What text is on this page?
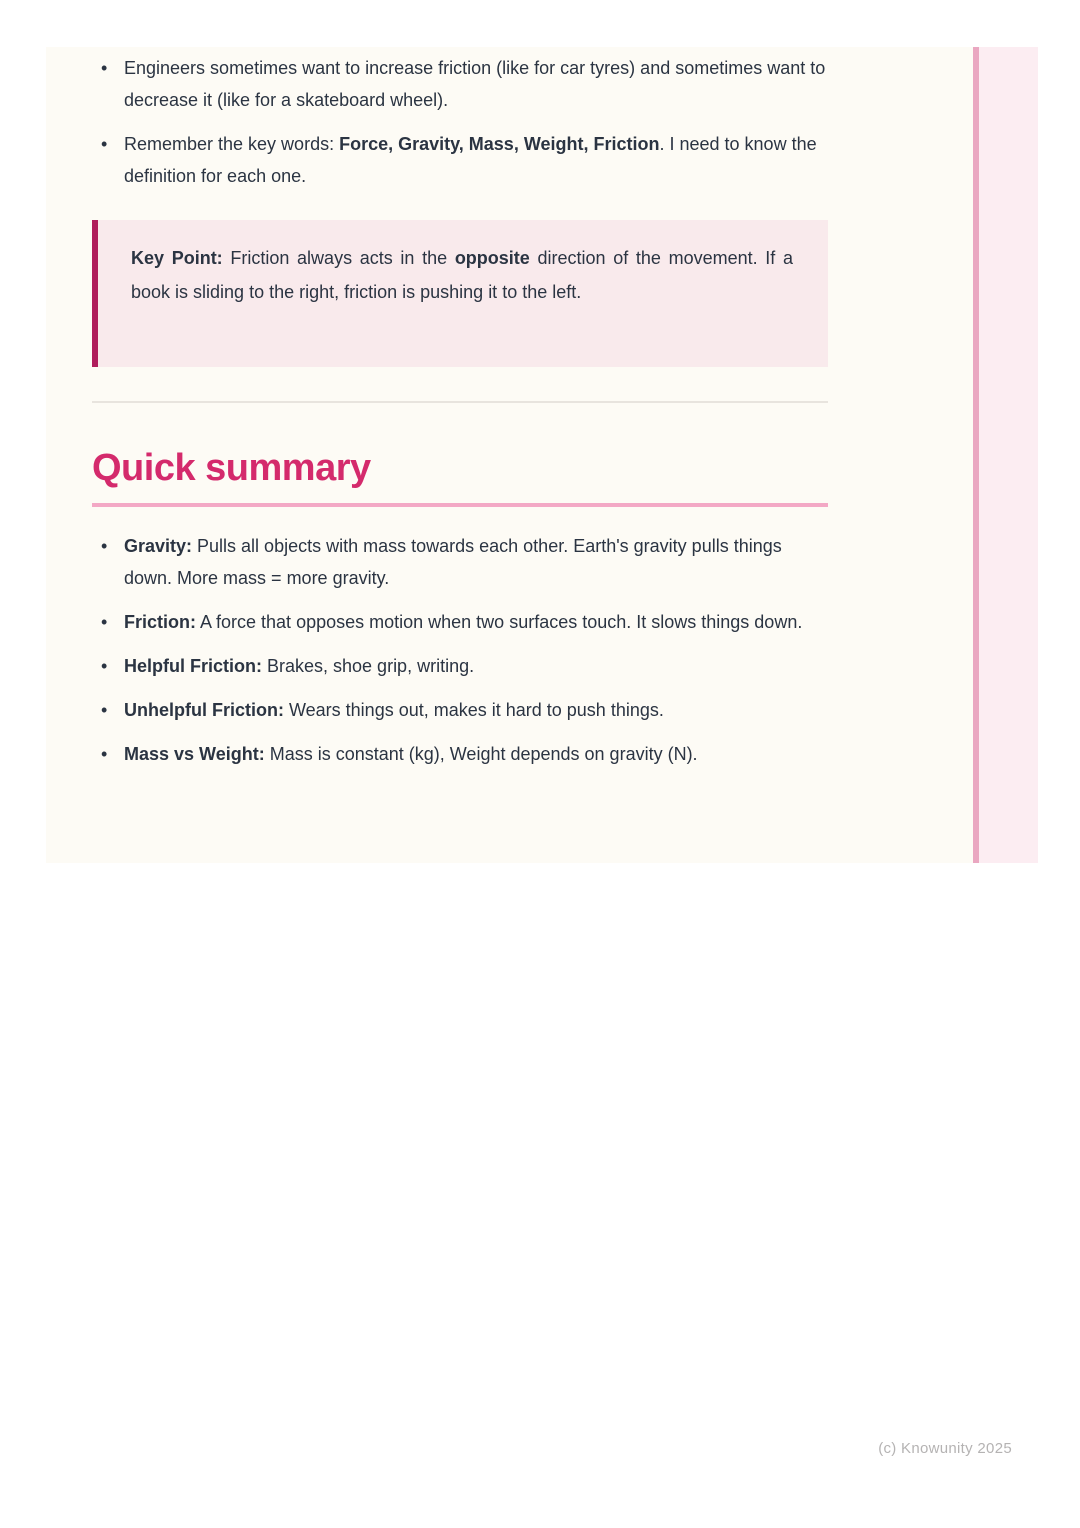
• Engineers sometimes want to increase friction (like for car tyres) and sometimes want to decrease it (like for a skateboard wheel).
• Remember the key words: Force, Gravity, Mass, Weight, Friction. I need to know the definition for each one.

Key Point: Friction always acts in the opposite direction of the movement. If a book is sliding to the right, friction is pushing it to the left.

Quick summary
• Gravity: Pulls all objects with mass towards each other. Earth's gravity pulls things down. More mass = more gravity.
• Friction: A force that opposes motion when two surfaces touch. It slows things down.
• Helpful Friction: Brakes, shoe grip, writing.
• Unhelpful Friction: Wears things out, makes it hard to push things.
• Mass vs Weight: Mass is constant (kg), Weight depends on gravity (N).
(c) Knowunity 2025
